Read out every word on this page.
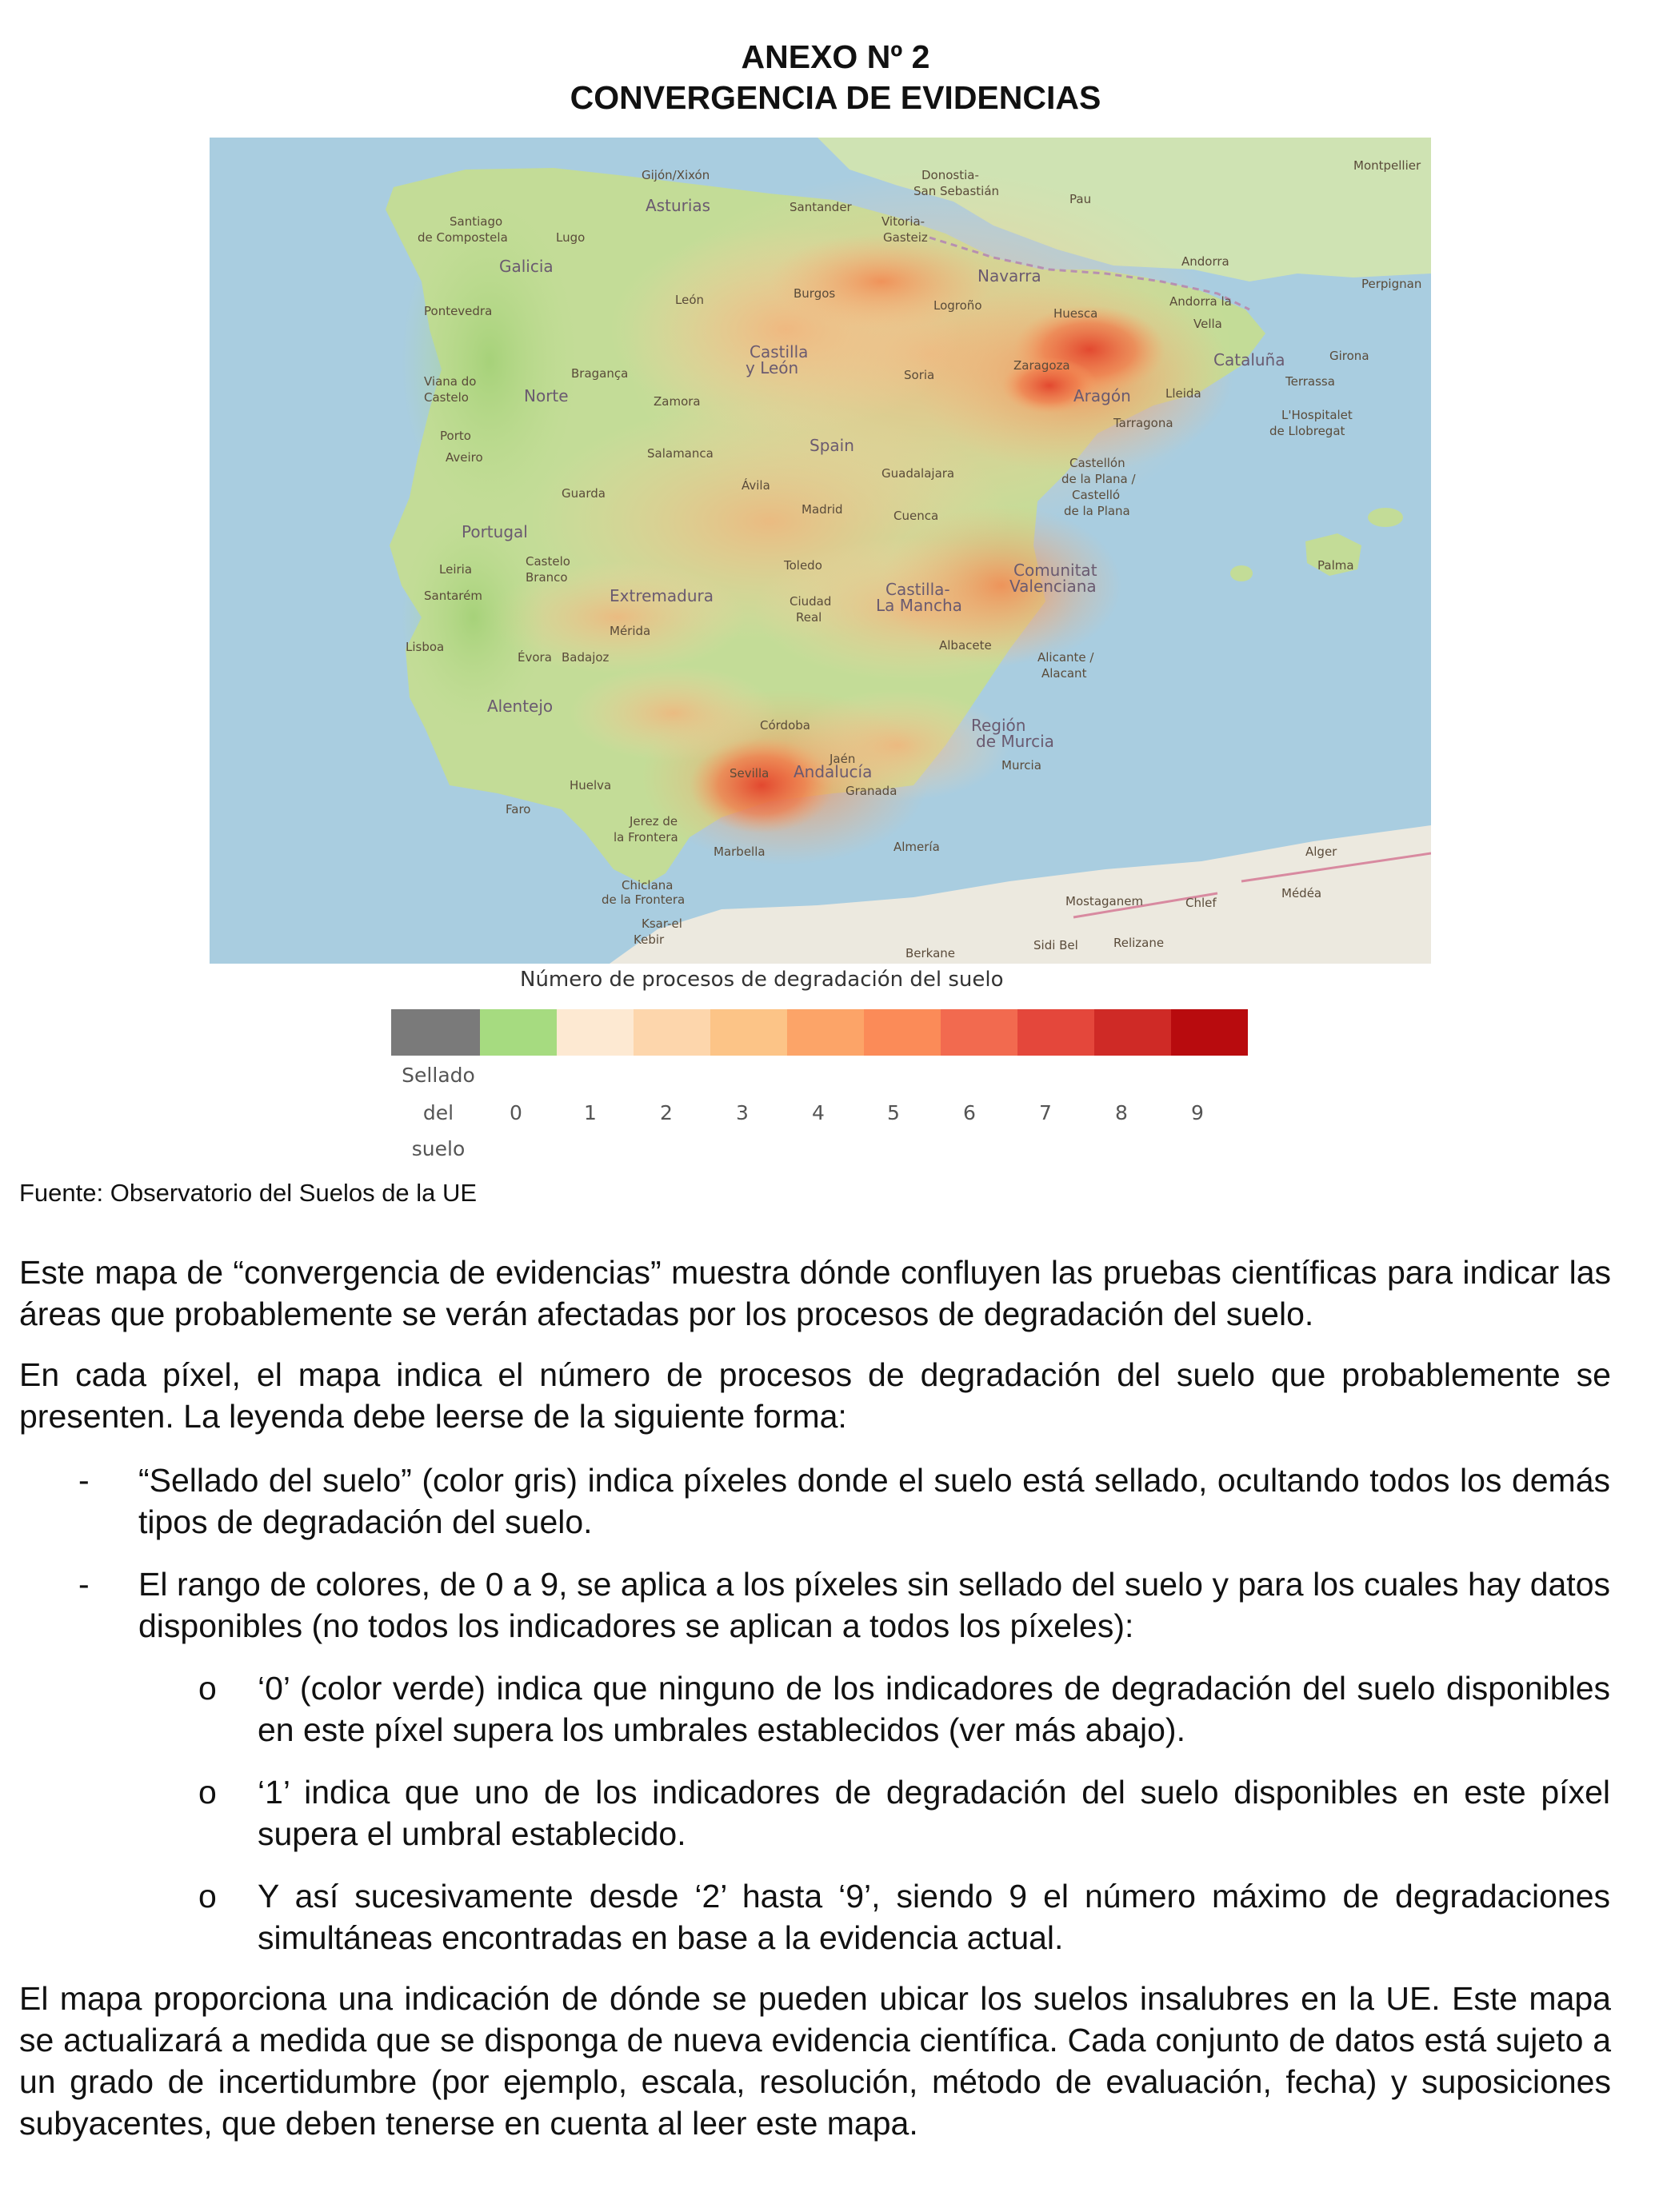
ANEXO Nº 2
CONVERGENCIA DE EVIDENCIAS
Gijón/Xixón
Asturias	Santander
Donostia-
San Sebastián
Pau
Montpellier
Santiago
de Compostela	Lugo
Galicia
Vitoria-
Gasteiz
Andorra
Navarra	Perpignan
Pontevedra
León	Burgos
Logroño
Huesca
Andorra la
Vella
Girona
Bragança
Castilla
y León
Viana do
Castelo	Norte	Zamora
Soria
Zaragoza
Aragón
Cataluña
Terrassa
Lleida
L'Hospitalet
de Llobregat
Tarragona
Porto
Aveiro	Salamanca	Spain
Guadalajara
Castellón
de la Plana /
Castelló
de la Plana
Guarda
Ávila
Madrid	Cuenca
Portugal
Castelo
Branco
Leiria
Santarém
Toledo	Palma
Comunitat
Valenciana
Extremadura	Ciudad
Real
Castilla-
La Mancha
Mérida
Lisboa
Évora Badajoz
Albacete
Alicante /
Alacant
Alentejo
Córdoba	Región
de Murcia
Murcia
Sevilla Andalucía
Jaén
Granada
Huelva
Faro
Jerez de
la Frontera
Marbella	Almería	Alger
Chiclana
de la Frontera	Mostaganem	Chlef
Médéa
Ksar-el
Kebir
Berkane
Sidi Bel	Relizane
Número de procesos de degradación del suelo
Sellado
del
suelo
0	1	2	3	4	5	6	7	8	9
Fuente: Observatorio del Suelos de la UE

Este mapa de “convergencia de evidencias” muestra dónde confluyen las pruebas científicas para indicar las áreas que probablemente se verán afectadas por los procesos de degradación del suelo.

En cada píxel, el mapa indica el número de procesos de degradación del suelo que probablemente se presenten. La leyenda debe leerse de la siguiente forma:

- “Sellado del suelo” (color gris) indica píxeles donde el suelo está sellado, ocultando todos los demás tipos de degradación del suelo.

- El rango de colores, de 0 a 9, se aplica a los píxeles sin sellado del suelo y para los cuales hay datos disponibles (no todos los indicadores se aplican a todos los píxeles):

o ‘0’ (color verde) indica que ninguno de los indicadores de degradación del suelo disponibles en este píxel supera los umbrales establecidos (ver más abajo).

o ‘1’ indica que uno de los indicadores de degradación del suelo disponibles en este píxel supera el umbral establecido.

o Y así sucesivamente desde ‘2’ hasta ‘9’, siendo 9 el número máximo de degradaciones simultáneas encontradas en base a la evidencia actual.

El mapa proporciona una indicación de dónde se pueden ubicar los suelos insalubres en la UE. Este mapa se actualizará a medida que se disponga de nueva evidencia científica. Cada conjunto de datos está sujeto a un grado de incertidumbre (por ejemplo, escala, resolución, método de evaluación, fecha) y suposiciones subyacentes, que deben tenerse en cuenta al leer este mapa.
